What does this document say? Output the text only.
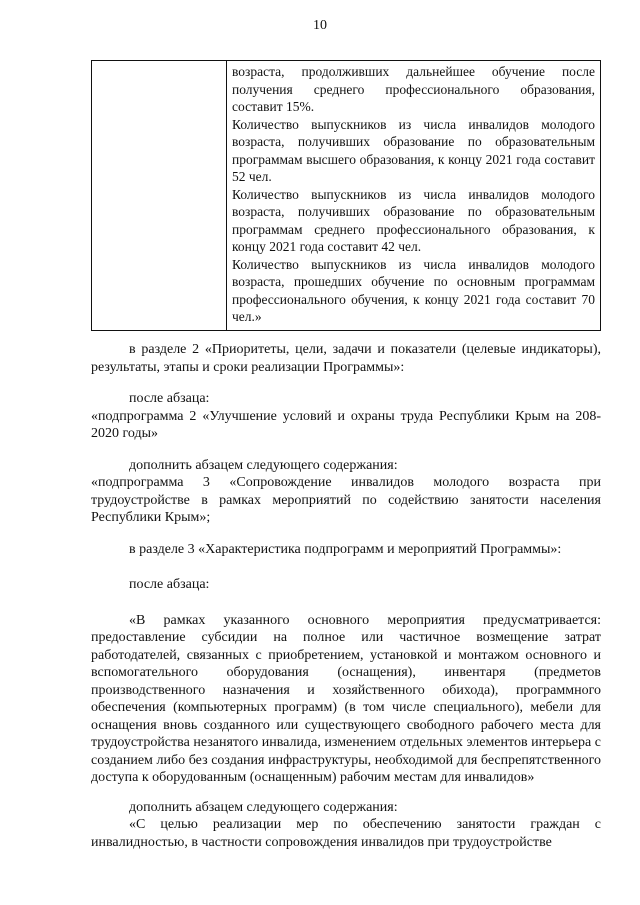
10

возраста, продолживших дальнейшее обучение после получения среднего профессионального образования, составит 15%.

Количество выпускников из числа инвалидов молодого возраста, получивших образование по образовательным программам высшего образования, к концу 2021 года составит 52 чел.

Количество выпускников из числа инвалидов молодого возраста, получивших образование по образовательным программам среднего профессионального образования, к концу 2021 года составит 42 чел.

Количество выпускников из числа инвалидов молодого возраста, прошедших обучение по основным программам профессионального обучения, к концу 2021 года составит 70 чел.»

в разделе 2 «Приоритеты, цели, задачи и показатели (целевые индикаторы), результаты, этапы и сроки реализации Программы»:

после абзаца:

«подпрограмма 2 «Улучшение условий и охраны труда Республики Крым на 208-2020 годы»

дополнить абзацем следующего содержания:

«подпрограмма 3 «Сопровождение инвалидов молодого возраста при трудоустройстве в рамках мероприятий по содействию занятости населения Республики Крым»;

в разделе 3 «Характеристика подпрограмм и мероприятий Программы»:

после абзаца:

«В рамках указанного основного мероприятия предусматривается: предоставление субсидии на полное или частичное возмещение затрат работодателей, связанных с приобретением, установкой и монтажом основного и вспомогательного оборудования (оснащения), инвентаря (предметов производственного назначения и хозяйственного обихода), программного обеспечения (компьютерных программ) (в том числе специального), мебели для оснащения вновь созданного или существующего свободного рабочего места для трудоустройства незанятого инвалида, изменением отдельных элементов интерьера с созданием либо без создания инфраструктуры, необходимой для беспрепятственного доступа к оборудованным (оснащенным) рабочим местам для инвалидов»

дополнить абзацем следующего содержания:

«С целью реализации мер по обеспечению занятости граждан с инвалидностью, в частности сопровождения инвалидов при трудоустройстве
